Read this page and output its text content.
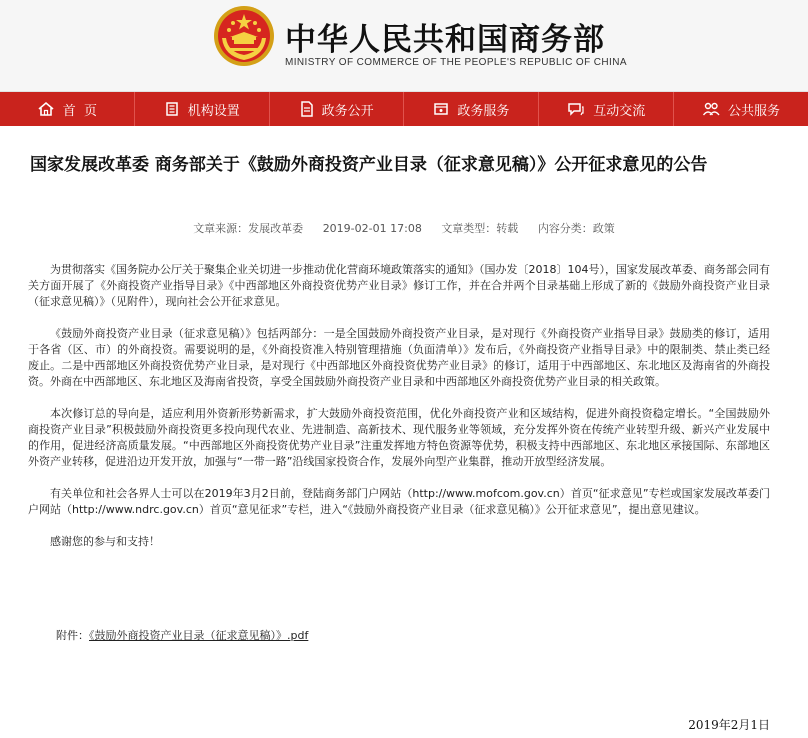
中华人民共和国商务部
MINISTRY OF COMMERCE OF THE PEOPLE'S REPUBLIC OF CHINA
首  页	机构设置	政务公开	政务服务	互动交流	公共服务
国家发展改革委 商务部关于《鼓励外商投资产业目录（征求意见稿）》公开征求意见的公告
文章来源：发展改革委 2019-02-01 17:08 文章类型：转载 内容分类：政策

为贯彻落实《国务院办公厅关于聚集企业关切进一步推动优化营商环境政策落实的通知》（国办发〔2018〕104号），国家发展改革委、商务部会同有关方面开展了《外商投资产业指导目录》《中西部地区外商投资优势产业目录》修订工作，并在合并两个目录基础上形成了新的《鼓励外商投资产业目录（征求意见稿）》（见附件），现向社会公开征求意见。

《鼓励外商投资产业目录（征求意见稿）》包括两部分：一是全国鼓励外商投资产业目录，是对现行《外商投资产业指导目录》鼓励类的修订，适用于各省（区、市）的外商投资。需要说明的是，《外商投资准入特别管理措施（负面清单）》发布后，《外商投资产业指导目录》中的限制类、禁止类已经废止。二是中西部地区外商投资优势产业目录，是对现行《中西部地区外商投资优势产业目录》的修订，适用于中西部地区、东北地区及海南省的外商投资。外商在中西部地区、东北地区及海南省投资，享受全国鼓励外商投资产业目录和中西部地区外商投资优势产业目录的相关政策。

本次修订总的导向是，适应利用外资新形势新需求，扩大鼓励外商投资范围，优化外商投资产业和区域结构，促进外商投资稳定增长。“全国鼓励外商投资产业目录”积极鼓励外商投资更多投向现代农业、先进制造、高新技术、现代服务业等领域，充分发挥外资在传统产业转型升级、新兴产业发展中的作用，促进经济高质量发展。“中西部地区外商投资优势产业目录”注重发挥地方特色资源等优势，积极支持中西部地区、东北地区承接国际、东部地区外资产业转移，促进沿边开发开放，加强与“一带一路”沿线国家投资合作，发展外向型产业集群，推动开放型经济发展。

有关单位和社会各界人士可以在2019年3月2日前，登陆商务部门户网站（http://www.mofcom.gov.cn）首页“征求意见”专栏或国家发展改革委门户网站（http://www.ndrc.gov.cn）首页“意见征求”专栏，进入“《鼓励外商投资产业目录（征求意见稿）》公开征求意见”，提出意见建议。

感谢您的参与和支持！

附件：《鼓励外商投资产业目录（征求意见稿）》.pdf
2019年2月1日
